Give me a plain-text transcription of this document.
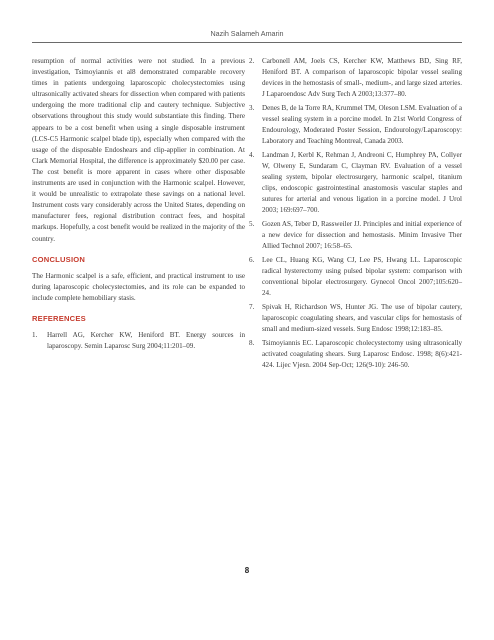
Nazih Salameh Amarin

resumption of normal activities were not studied. In a previous investigation, Tsimoyiannis et al8 demonstrated comparable recovery times in patients undergoing laparoscopic cholecystectomies using ultrasonically activated shears for dissection when compared with patients undergoing the more traditional clip and cautery technique. Subjective observations throughout this study would substantiate this finding. There appears to be a cost benefit when using a single disposable instrument (LCS-C5 Harmonic scalpel blade tip), especially when compared with the usage of the disposable Endoshears and clip-applier in combination. At Clark Memorial Hospital, the difference is approximately $20.00 per case. The cost benefit is more apparent in cases where other disposable instruments are used in conjunction with the Harmonic scalpel. However, it would be unrealistic to extrapolate these savings on a national level. Instrument costs vary considerably across the United States, depending on manufacturer fees, regional distribution contract fees, and hospital markups. Hopefully, a cost benefit would be realized in the majority of the country.

CONCLUSION

The Harmonic scalpel is a safe, efficient, and practical instrument to use during laparoscopic cholecystectomies, and its role can be expanded to include complete hemobiliary stasis.

REFERENCES
1. Harrell AG, Kercher KW, Heniford BT. Energy sources in laparoscopy. Semin Laparosc Surg 2004;11:201–09.
2. Carbonell AM, Joels CS, Kercher KW, Matthews BD, Sing RF, Heniford BT. A comparison of laparoscopic bipolar vessel sealing devices in the hemostasis of small-, medium-, and large sized arteries. J Laparoendosc Adv Surg Tech A 2003;13:377–80.
3. Denes B, de la Torre RA, Krummel TM, Oleson LSM. Evaluation of a vessel sealing system in a porcine model. In 21st World Congress of Endourology, Moderated Poster Session, Endourology/Laparoscopy: Laboratory and Teaching Montreal, Canada 2003.
4. Landman J, Kerbl K, Rehman J, Andreoni C, Humphrey PA, Collyer W, Olweny E, Sundaram C, Clayman RV. Evaluation of a vessel sealing system, bipolar electrosurgery, harmonic scalpel, titanium clips, endoscopic gastrointestinal anastomosis vascular staples and sutures for arterial and venous ligation in a porcine model. J Urol 2003; 169:697–700.
5. Gozen AS, Teber D, Rassweiler JJ. Principles and initial experience of a new device for dissection and hemostasis. Minim Invasive Ther Allied Technol 2007; 16:58–65.
6. Lee CL, Huang KG, Wang CJ, Lee PS, Hwang LL. Laparoscopic radical hysterectomy using pulsed bipolar system: comparison with conventional bipolar electrosurgery. Gynecol Oncol 2007;105:620–24.
7. Spivak H, Richardson WS, Hunter JG. The use of bipolar cautery, laparoscopic coagulating shears, and vascular clips for hemostasis of small and medium-sized vessels. Surg Endosc 1998;12:183–85.
8. Tsimoyiannis EC. Laparoscopic cholecystectomy using ultrasonically activated coagulating shears. Surg Laparosc Endosc. 1998; 8(6):421-424. Lijec Vjesn. 2004 Sep-Oct; 126(9-10): 246-50.
8
